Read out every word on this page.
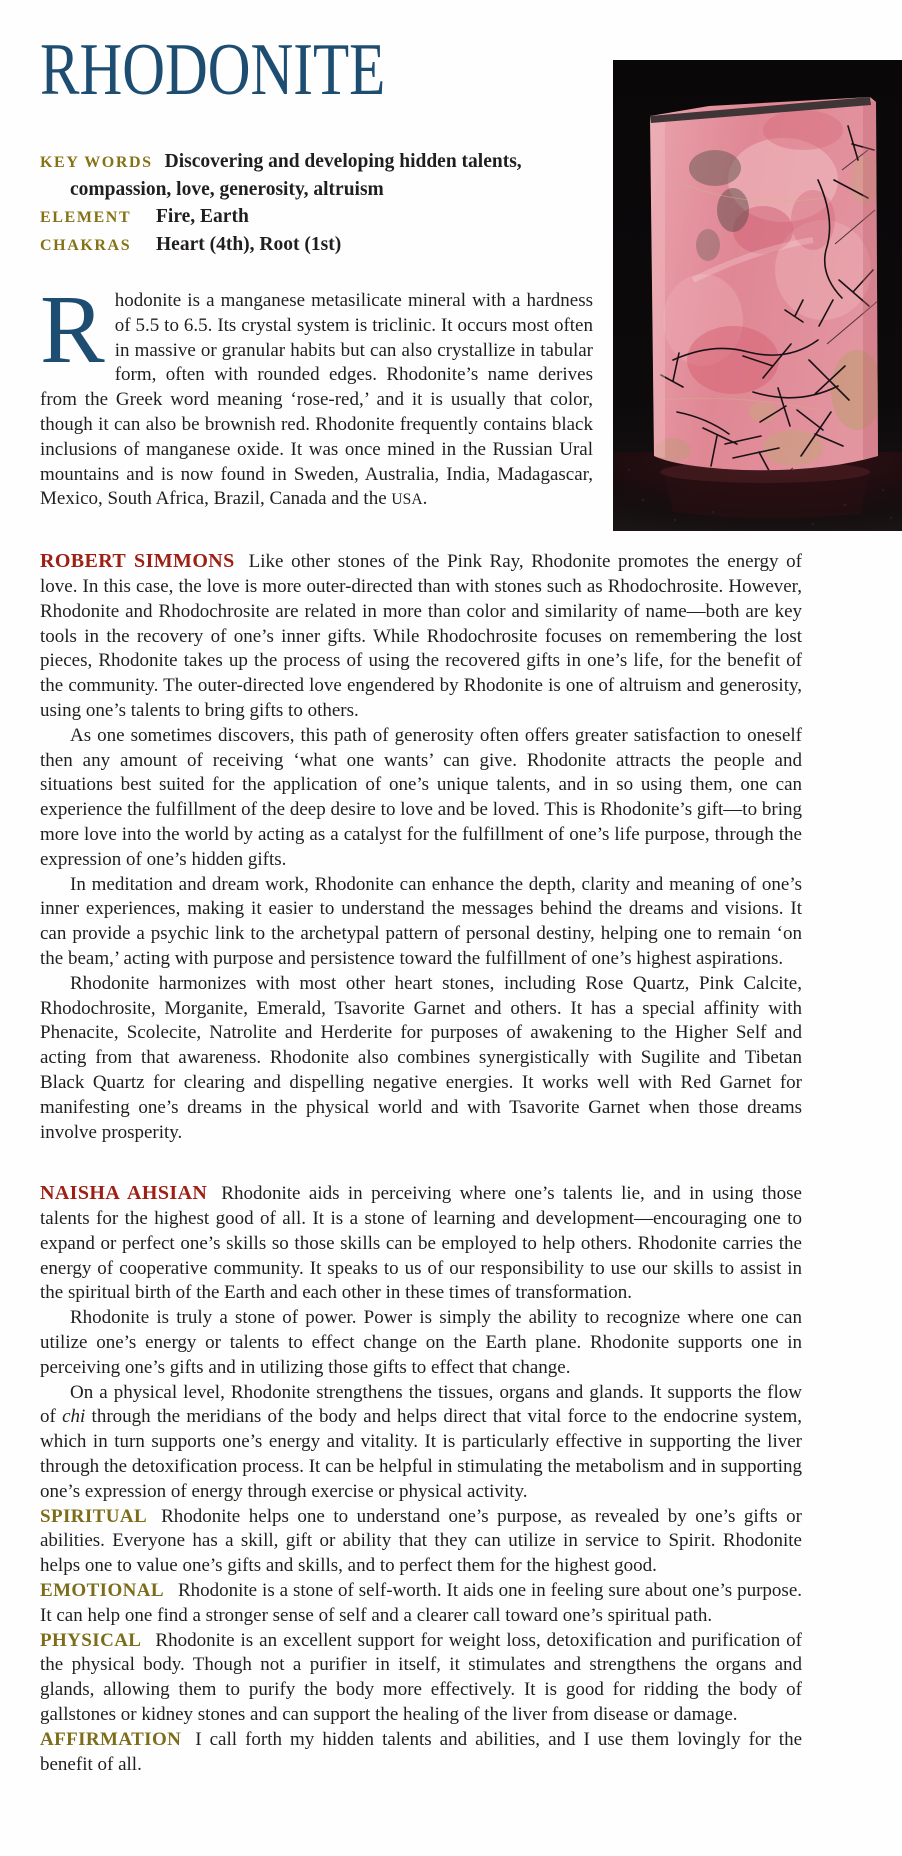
RHODONITE

KEY WORDS Discovering and developing hidden talents, compassion, love, generosity, altruism

ELEMENT Fire, Earth

CHAKRAS Heart (4th), Root (1st)

Rhodonite is a manganese metasilicate mineral with a hardness of 5.5 to 6.5. Its crystal system is triclinic. It occurs most often in massive or granular habits but can also crystallize in tabular form, often with rounded edges. Rhodonite’s name derives from the Greek word meaning ‘rose-red,’ and it is usually that color, though it can also be brownish red. Rhodonite frequently contains black inclusions of manganese oxide. It was once mined in the Russian Ural mountains and is now found in Sweden, Australia, India, Madagascar, Mexico, South Africa, Brazil, Canada and the USA.

ROBERT SIMMONS Like other stones of the Pink Ray, Rhodonite promotes the energy of love. In this case, the love is more outer-directed than with stones such as Rhodochrosite. However, Rhodonite and Rhodochrosite are related in more than color and similarity of name—both are key tools in the recovery of one’s inner gifts. While Rhodochrosite focuses on remembering the lost pieces, Rhodonite takes up the process of using the recovered gifts in one’s life, for the benefit of the community. The outer-directed love engendered by Rhodonite is one of altruism and generosity, using one’s talents to bring gifts to others.

As one sometimes discovers, this path of generosity often offers greater satisfaction to oneself then any amount of receiving ‘what one wants’ can give. Rhodonite attracts the people and situations best suited for the application of one’s unique talents, and in so using them, one can experience the fulfillment of the deep desire to love and be loved. This is Rhodonite’s gift—to bring more love into the world by acting as a catalyst for the fulfillment of one’s life purpose, through the expression of one’s hidden gifts.

In meditation and dream work, Rhodonite can enhance the depth, clarity and meaning of one’s inner experiences, making it easier to understand the messages behind the dreams and visions. It can provide a psychic link to the archetypal pattern of personal destiny, helping one to remain ‘on the beam,’ acting with purpose and persistence toward the fulfillment of one’s highest aspirations.

Rhodonite harmonizes with most other heart stones, including Rose Quartz, Pink Calcite, Rhodochrosite, Morganite, Emerald, Tsavorite Garnet and others. It has a special affinity with Phenacite, Scolecite, Natrolite and Herderite for purposes of awakening to the Higher Self and acting from that awareness. Rhodonite also combines synergistically with Sugilite and Tibetan Black Quartz for clearing and dispelling negative energies. It works well with Red Garnet for manifesting one’s dreams in the physical world and with Tsavorite Garnet when those dreams involve prosperity.

NAISHA AHSIAN Rhodonite aids in perceiving where one’s talents lie, and in using those talents for the highest good of all. It is a stone of learning and development—encouraging one to expand or perfect one’s skills so those skills can be employed to help others. Rhodonite carries the energy of cooperative community. It speaks to us of our responsibility to use our skills to assist in the spiritual birth of the Earth and each other in these times of transformation.

Rhodonite is truly a stone of power. Power is simply the ability to recognize where one can utilize one’s energy or talents to effect change on the Earth plane. Rhodonite supports one in perceiving one’s gifts and in utilizing those gifts to effect that change.

On a physical level, Rhodonite strengthens the tissues, organs and glands. It supports the flow of chi through the meridians of the body and helps direct that vital force to the endocrine system, which in turn supports one’s energy and vitality. It is particularly effective in supporting the liver through the detoxification process. It can be helpful in stimulating the metabolism and in supporting one’s expression of energy through exercise or physical activity.

SPIRITUAL Rhodonite helps one to understand one’s purpose, as revealed by one’s gifts or abilities. Everyone has a skill, gift or ability that they can utilize in service to Spirit. Rhodonite helps one to value one’s gifts and skills, and to perfect them for the highest good.

EMOTIONAL Rhodonite is a stone of self-worth. It aids one in feeling sure about one’s purpose. It can help one find a stronger sense of self and a clearer call toward one’s spiritual path.

PHYSICAL Rhodonite is an excellent support for weight loss, detoxification and purification of the physical body. Though not a purifier in itself, it stimulates and strengthens the organs and glands, allowing them to purify the body more effectively. It is good for ridding the body of gallstones or kidney stones and can support the healing of the liver from disease or damage.

AFFIRMATION I call forth my hidden talents and abilities, and I use them lovingly for the benefit of all.
